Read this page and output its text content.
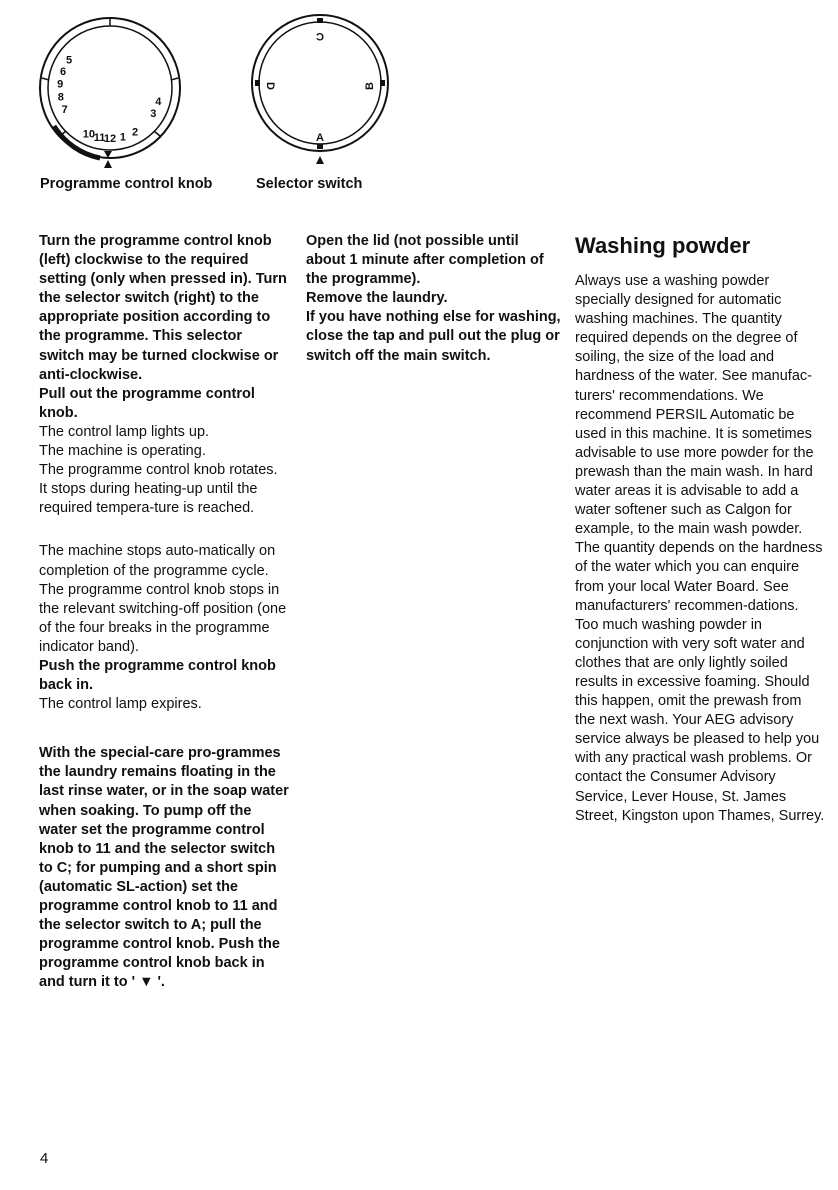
7
8
9
10
11
12 1 2
3
4
5
6
C
D	B
A
Programme control knob	Selector switch

Turn the programme control knob (left) clockwise to the required setting (only when pressed in). Turn the selector switch (right) to the appropriate position according to the programme. This selector switch may be turned clockwise or anti-clockwise.

Pull out the programme control knob.

The control lamp lights up.

The machine is operating.

The programme control knob rotates.

It stops during heating-up until the required tempera-ture is reached.

The machine stops auto-matically on completion of the programme cycle. The programme control knob stops in the relevant switching-off position (one of the four breaks in the programme indicator band).

Push the programme control knob back in.

The control lamp expires.

With the special-care pro-grammes the laundry remains floating in the last rinse water, or in the soap water when soaking. To pump off the water set the programme control knob to 11 and the selector switch to C; for pumping and a short spin (automatic SL-action) set the programme control knob to 11 and the selector switch to A; pull the programme control knob. Push the programme control knob back in and turn it to ' ▼ '.

Open the lid (not possible until about 1 minute after completion of the programme).

Remove the laundry.

If you have nothing else for washing, close the tap and pull out the plug or switch off the main switch.

Washing powder

Always use a washing powder specially designed for automatic washing machines. The quantity required depends on the degree of soiling, the size of the load and hardness of the water. See manufac-turers' recommendations. We recommend PERSIL Automatic be used in this machine. It is sometimes advisable to use more powder for the prewash than the main wash. In hard water areas it is advisable to add a water softener such as Calgon for example, to the main wash powder. The quantity depends on the hardness of the water which you can enquire from your local Water Board. See manufacturers' recommen-dations. Too much washing powder in conjunction with very soft water and clothes that are only lightly soiled results in excessive foaming. Should this happen, omit the prewash from the next wash. Your AEG advisory service always be pleased to help you with any practical wash problems. Or contact the Consumer Advisory Service, Lever House, St. James Street, Kingston upon Thames, Surrey.

4
